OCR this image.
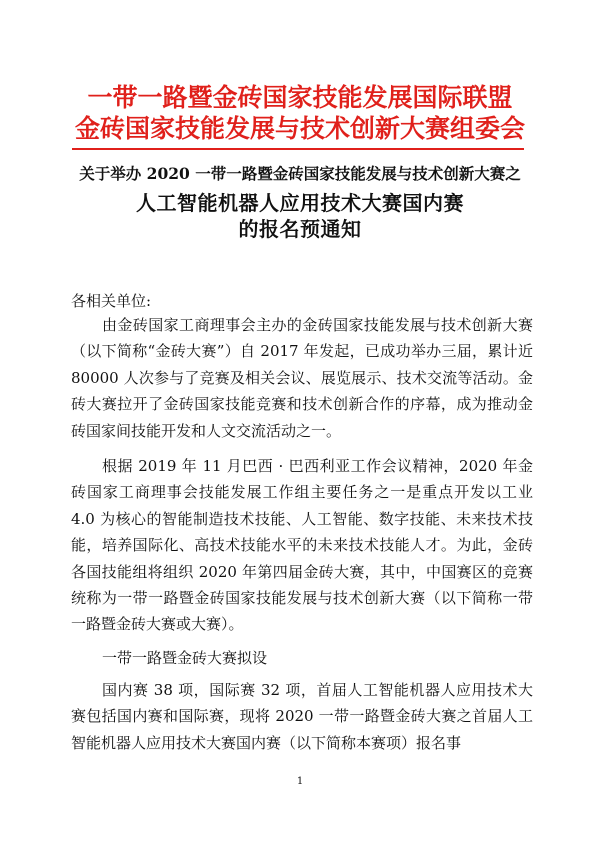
一带一路暨金砖国家技能发展国际联盟
金砖国家技能发展与技术创新大赛组委会
关于举办 2020 一带一路暨金砖国家技能发展与技术创新大赛之
人工智能机器人应用技术大赛国内赛
的报名预通知
各相关单位:

由金砖国家工商理事会主办的金砖国家技能发展与技术创新大赛（以下简称“金砖大赛”）自 2017 年发起，已成功举办三届，累计近 80000 人次参与了竞赛及相关会议、展览展示、技术交流等活动。金砖大赛拉开了金砖国家技能竞赛和技术创新合作的序幕，成为推动金砖国家间技能开发和人文交流活动之一。

根据 2019 年 11 月巴西 · 巴西利亚工作会议精神，2020 年金砖国家工商理事会技能发展工作组主要任务之一是重点开发以工业 4.0 为核心的智能制造技术技能、人工智能、数字技能、未来技术技能，培养国际化、高技术技能水平的未来技术技能人才。为此，金砖各国技能组将组织 2020 年第四届金砖大赛，其中，中国赛区的竞赛统称为一带一路暨金砖国家技能发展与技术创新大赛（以下简称一带一路暨金砖大赛或大赛）。

一带一路暨金砖大赛拟设

国内赛 38 项，国际赛 32 项，首届人工智能机器人应用技术大赛包括国内赛和国际赛，现将 2020 一带一路暨金砖大赛之首届人工智能机器人应用技术大赛国内赛（以下简称本赛项）报名事

1
